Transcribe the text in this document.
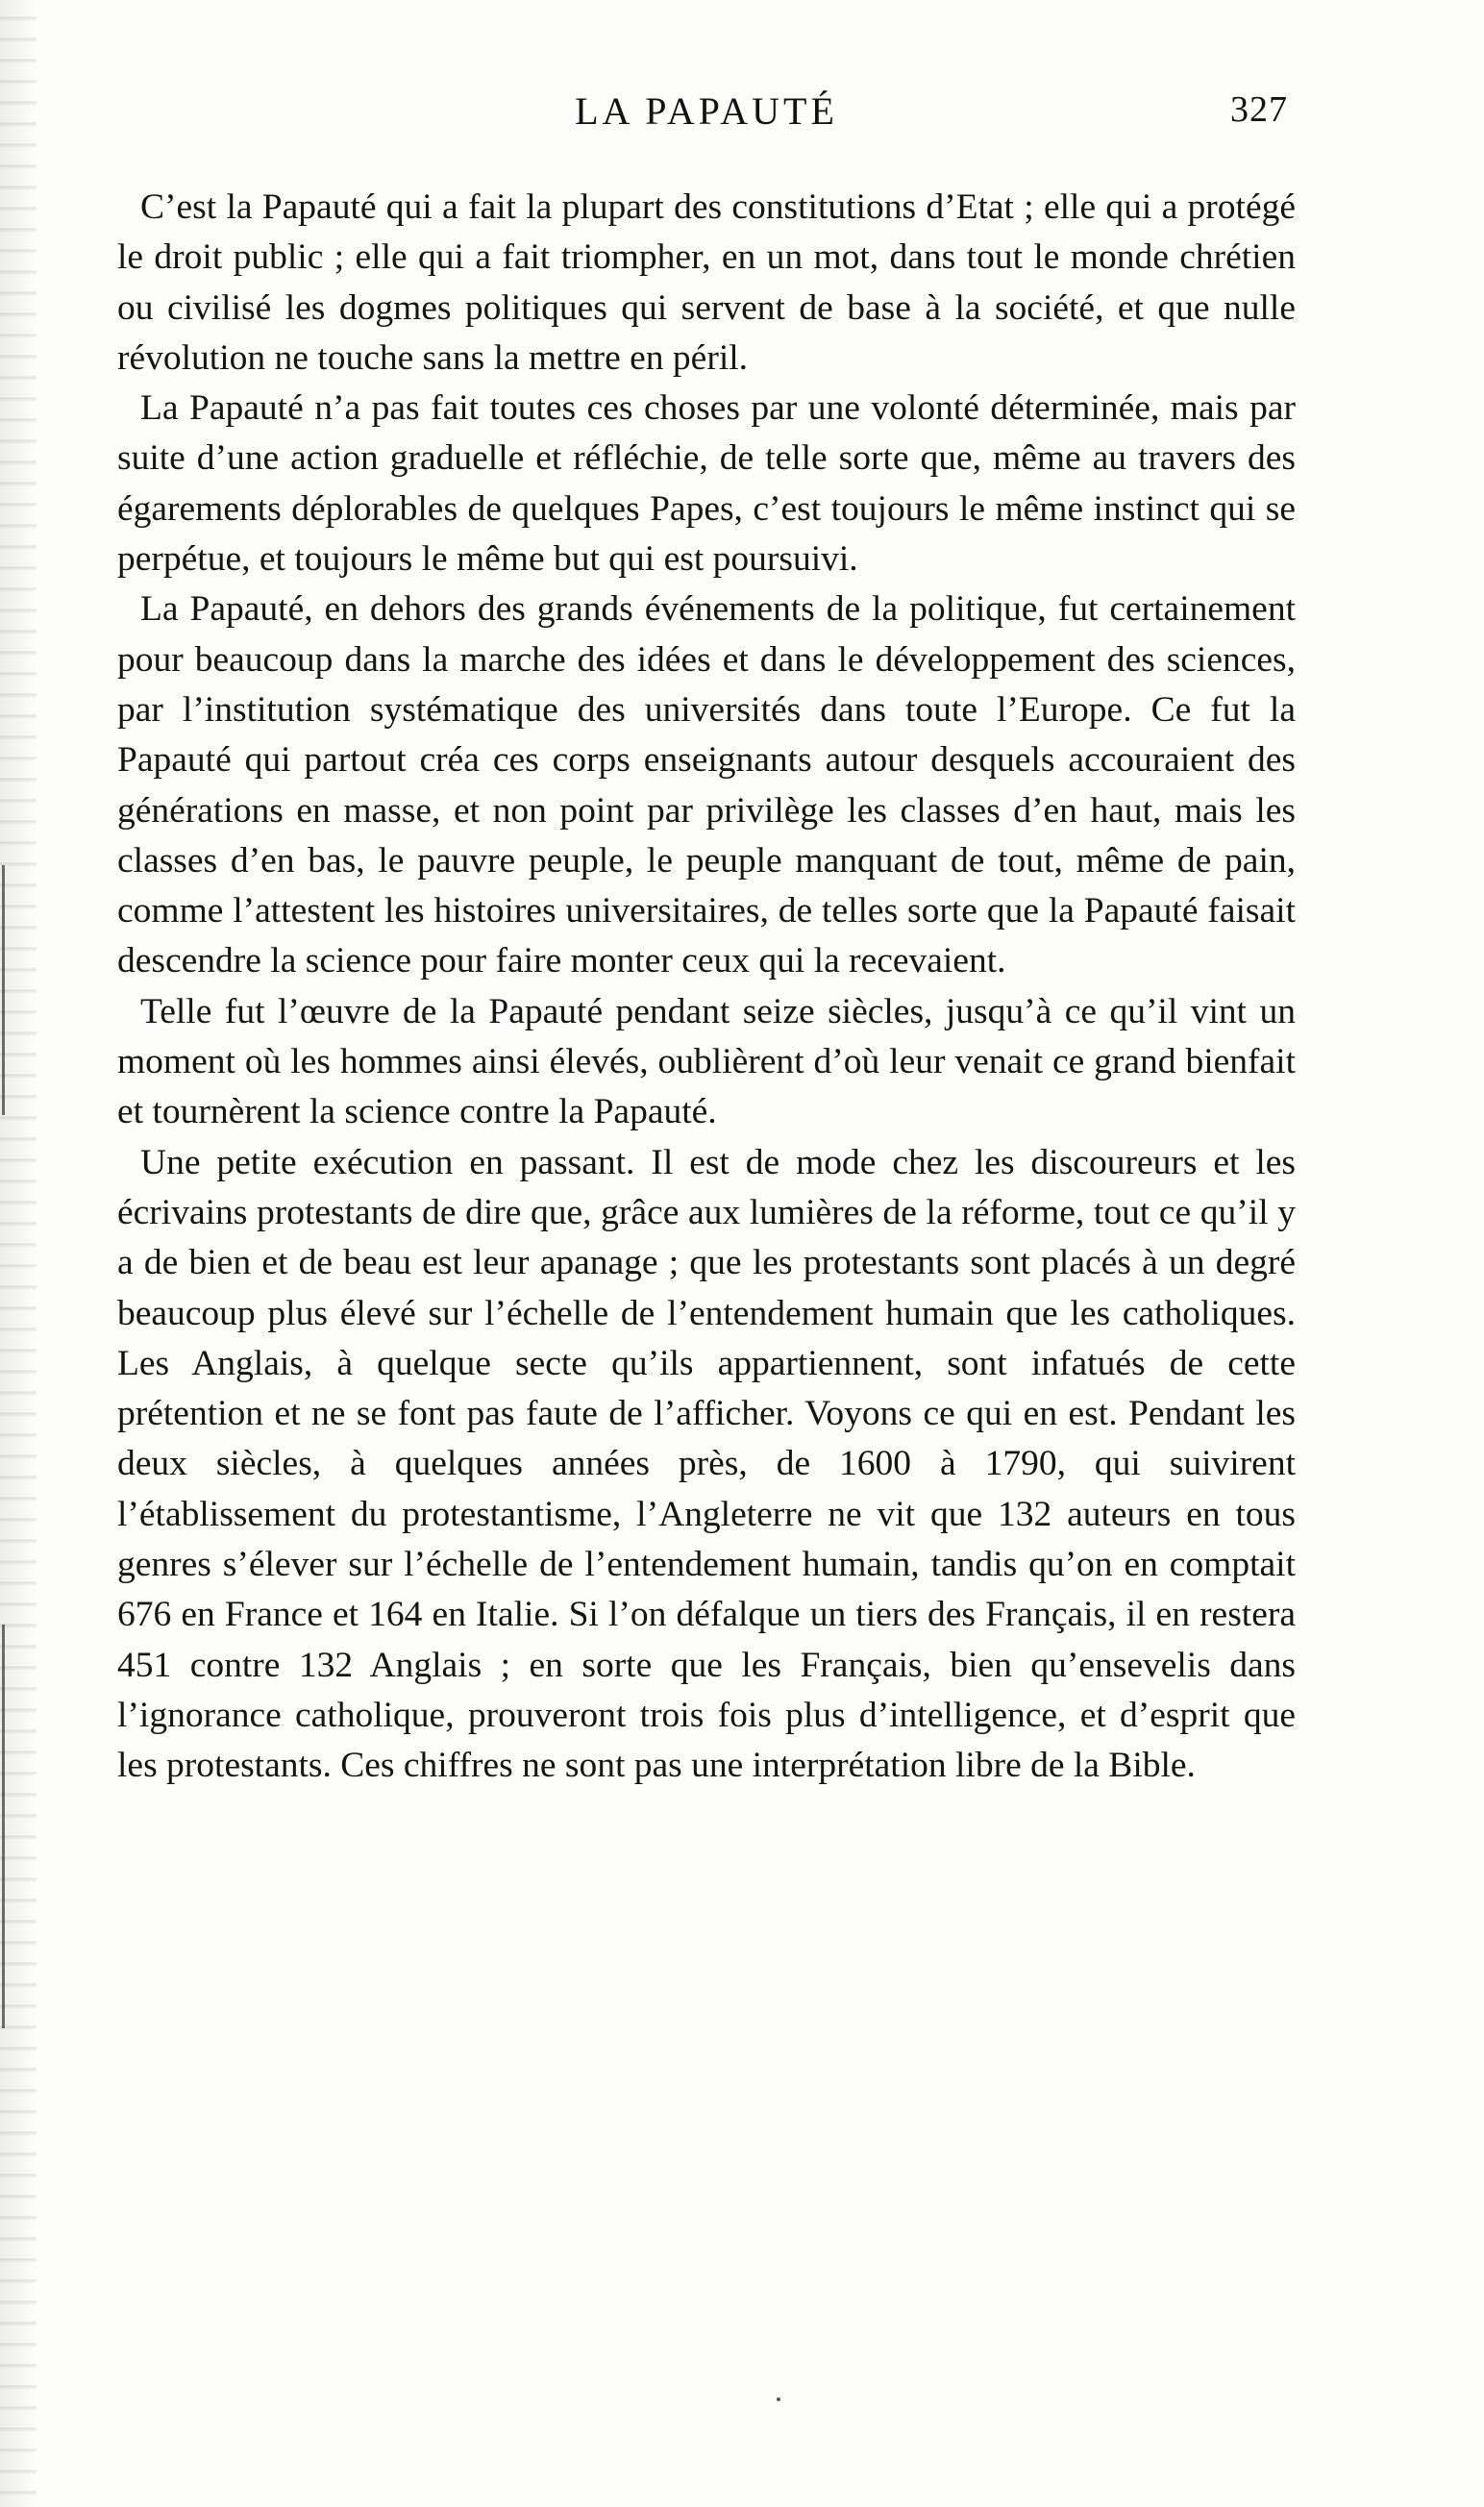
LA PAPAUTÉ	327

C’est la Papauté qui a fait la plupart des constitutions d’Etat ; elle qui a protégé le droit public ; elle qui a fait triompher, en un mot, dans tout le monde chrétien ou civilisé les dogmes politiques qui servent de base à la société, et que nulle révolution ne touche sans la mettre en péril.

La Papauté n’a pas fait toutes ces choses par une volonté déterminée, mais par suite d’une action graduelle et réfléchie, de telle sorte que, même au travers des égarements déplorables de quelques Papes, c’est toujours le même instinct qui se perpétue, et toujours le même but qui est poursuivi.

La Papauté, en dehors des grands événements de la politique, fut certainement pour beaucoup dans la marche des idées et dans le développement des sciences, par l’institution systématique des universités dans toute l’Europe. Ce fut la Papauté qui partout créa ces corps enseignants autour desquels accouraient des générations en masse, et non point par privilège les classes d’en haut, mais les classes d’en bas, le pauvre peuple, le peuple manquant de tout, même de pain, comme l’attestent les histoires universitaires, de telles sorte que la Papauté faisait descendre la science pour faire monter ceux qui la recevaient.

Telle fut l’œuvre de la Papauté pendant seize siècles, jusqu’à ce qu’il vint un moment où les hommes ainsi élevés, oublièrent d’où leur venait ce grand bienfait et tournèrent la science contre la Papauté.

Une petite exécution en passant. Il est de mode chez les discoureurs et les écrivains protestants de dire que, grâce aux lumières de la réforme, tout ce qu’il y a de bien et de beau est leur apanage ; que les protestants sont placés à un degré beaucoup plus élevé sur l’échelle de l’entendement humain que les catholiques. Les Anglais, à quelque secte qu’ils appartiennent, sont infatués de cette prétention et ne se font pas faute de l’afficher. Voyons ce qui en est. Pendant les deux siècles, à quelques années près, de 1600 à 1790, qui suivirent l’établissement du protestantisme, l’Angleterre ne vit que 132 auteurs en tous genres s’élever sur l’échelle de l’entendement humain, tandis qu’on en comptait 676 en France et 164 en Italie. Si l’on défalque un tiers des Français, il en restera 451 contre 132 Anglais ; en sorte que les Français, bien qu’ensevelis dans l’ignorance catholique, prouveront trois fois plus d’intelligence, et d’esprit que les protestants. Ces chiffres ne sont pas une interprétation libre de la Bible.
